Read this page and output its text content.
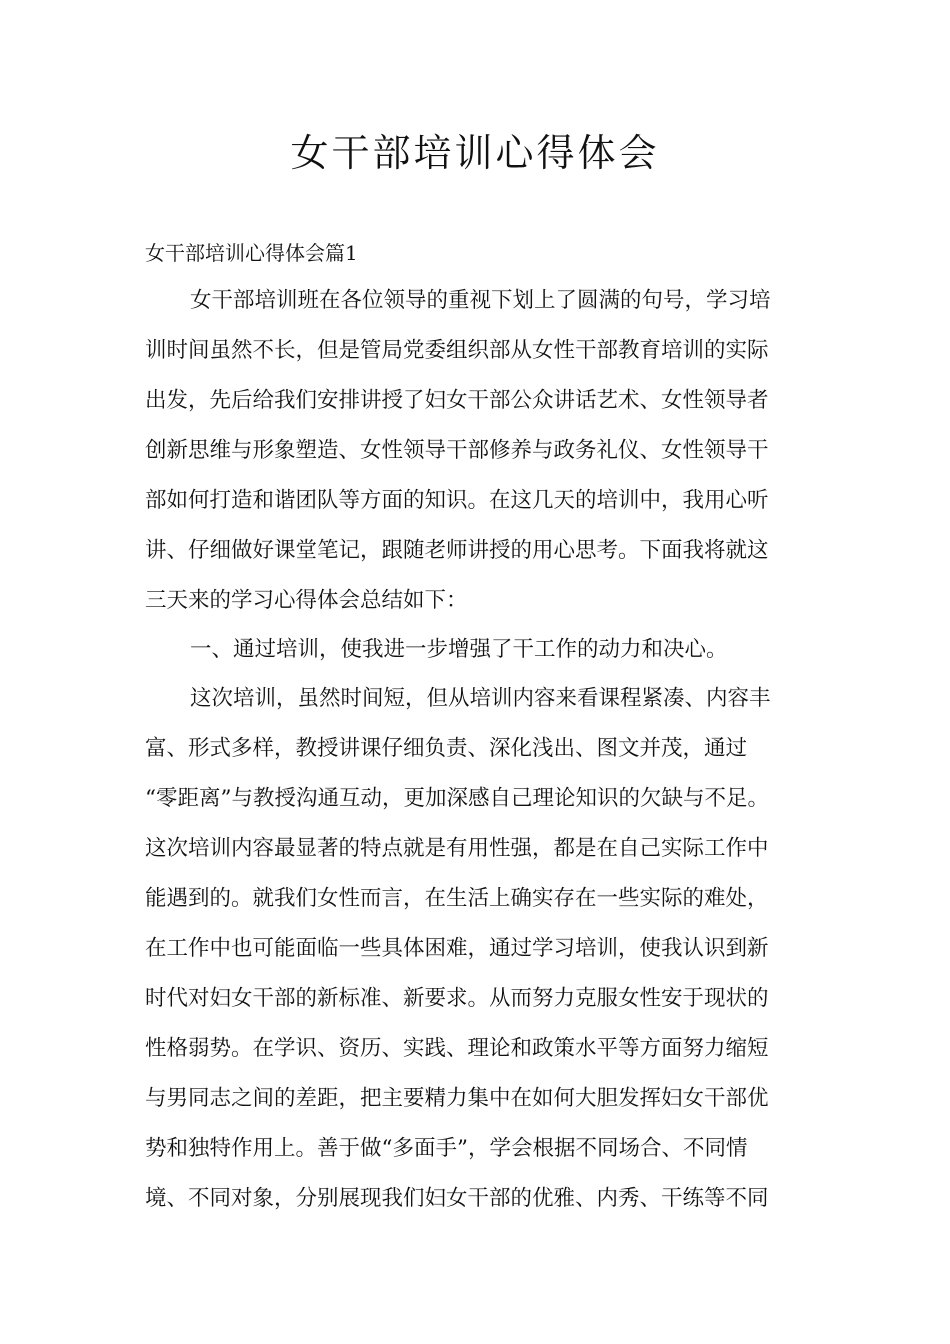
女干部培训心得体会
女干部培训心得体会篇1
女干部培训班在各位领导的重视下划上了圆满的句号，学习培
训时间虽然不长，但是管局党委组织部从女性干部教育培训的实际
出发，先后给我们安排讲授了妇女干部公众讲话艺术、女性领导者
创新思维与形象塑造、女性领导干部修养与政务礼仪、女性领导干
部如何打造和谐团队等方面的知识。在这几天的培训中，我用心听
讲、仔细做好课堂笔记，跟随老师讲授的用心思考。下面我将就这
三天来的学习心得体会总结如下：
一、通过培训，使我进一步增强了干工作的动力和决心。
这次培训，虽然时间短，但从培训内容来看课程紧凑、内容丰
富、形式多样，教授讲课仔细负责、深化浅出、图文并茂，通过
“零距离”与教授沟通互动，更加深感自己理论知识的欠缺与不足。
这次培训内容最显著的特点就是有用性强，都是在自己实际工作中
能遇到的。就我们女性而言，在生活上确实存在一些实际的难处，
在工作中也可能面临一些具体困难，通过学习培训，使我认识到新
时代对妇女干部的新标准、新要求。从而努力克服女性安于现状的
性格弱势。在学识、资历、实践、理论和政策水平等方面努力缩短
与男同志之间的差距，把主要精力集中在如何大胆发挥妇女干部优
势和独特作用上。善于做“多面手”，学会根据不同场合、不同情
境、不同对象，分别展现我们妇女干部的优雅、内秀、干练等不同
